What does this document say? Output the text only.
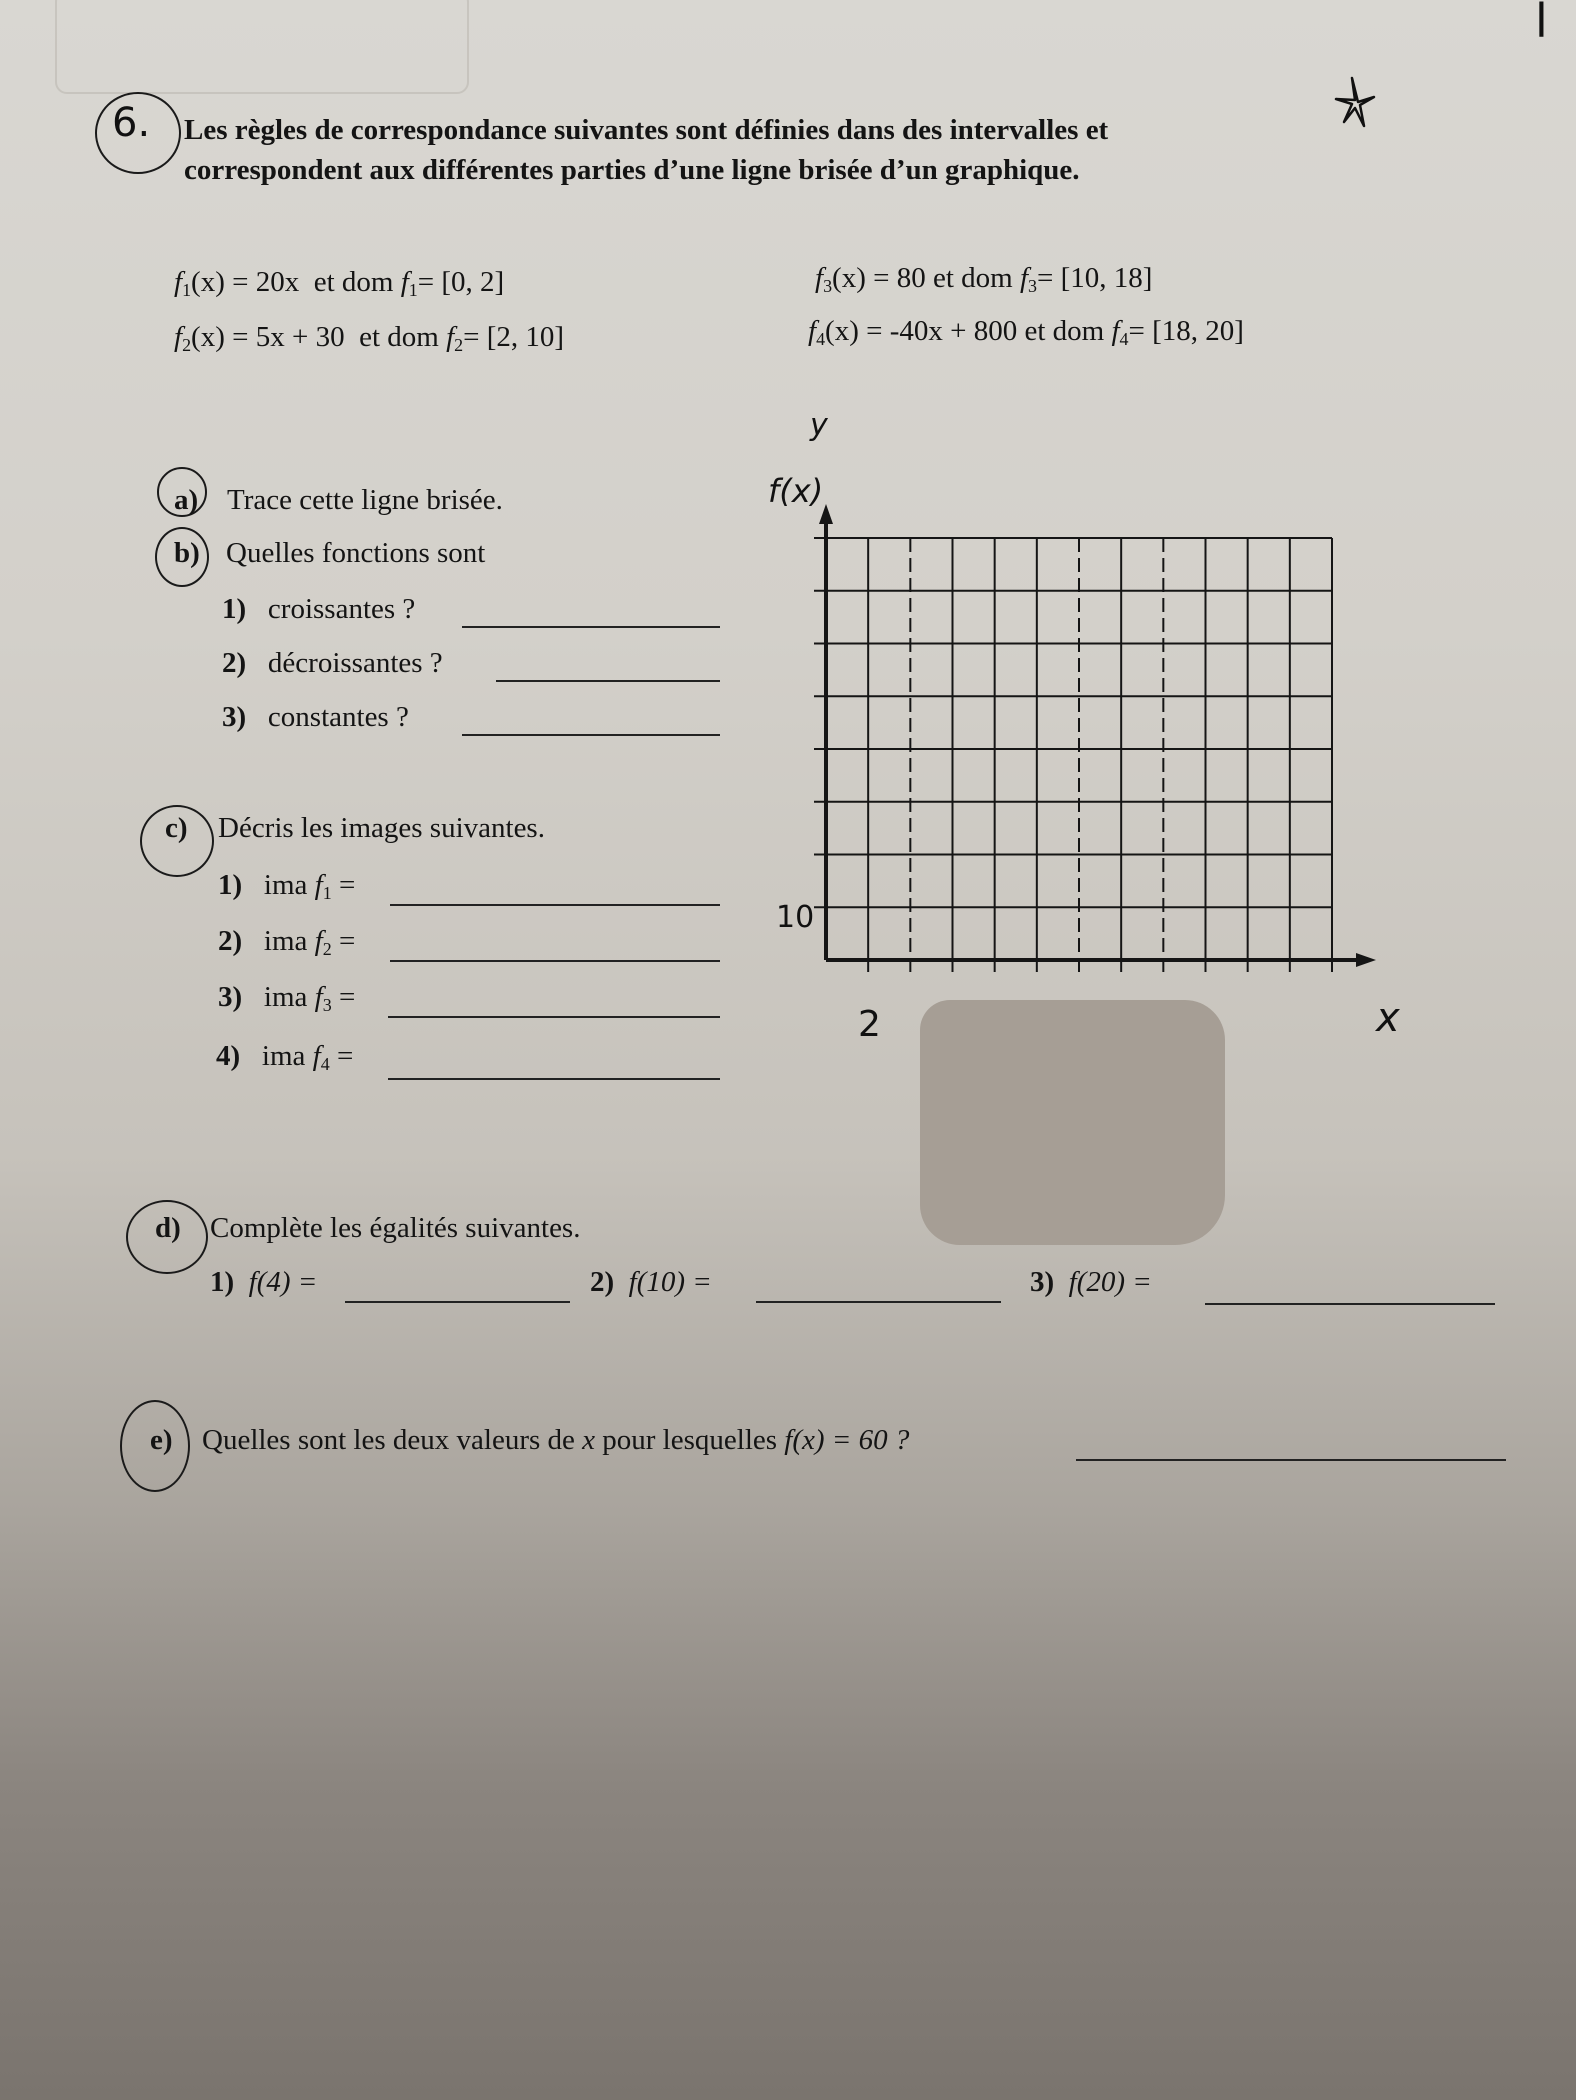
l
6. Les règles de correspondance suivantes sont définies dans des intervalles et
correspondent aux différentes parties d’une ligne brisée d’un graphique.
$f_1(x) = 20x$ et dom $f_1= [0$, 2]
$f_2(x) = 5x + 30$ et dom $f_2= [2$, 10]
$f_3(x) = 80$ et dom $f_3= [10$, 18]
$f_4(x) = -40x + 800$ et dom $f_4= [18$, 20]
a) Trace cette ligne brisée.
b) Quelles fonctions sont
1) croissantes ?
2) décroissantes ?
3) constantes ?
c) Décris les images suivantes.
1) ima $f_1$ =
2) ima $f_2$ =
3) ima $f_3$ =
4) ima $f_4$ =
y
f(x)
10
2	x
d) Complète les égalités suivantes.
1) f(4) =	2) f(10) =	3) f(20) =
e) Quelles sont les deux valeurs de x pour lesquelles f(x) = 60 ?
